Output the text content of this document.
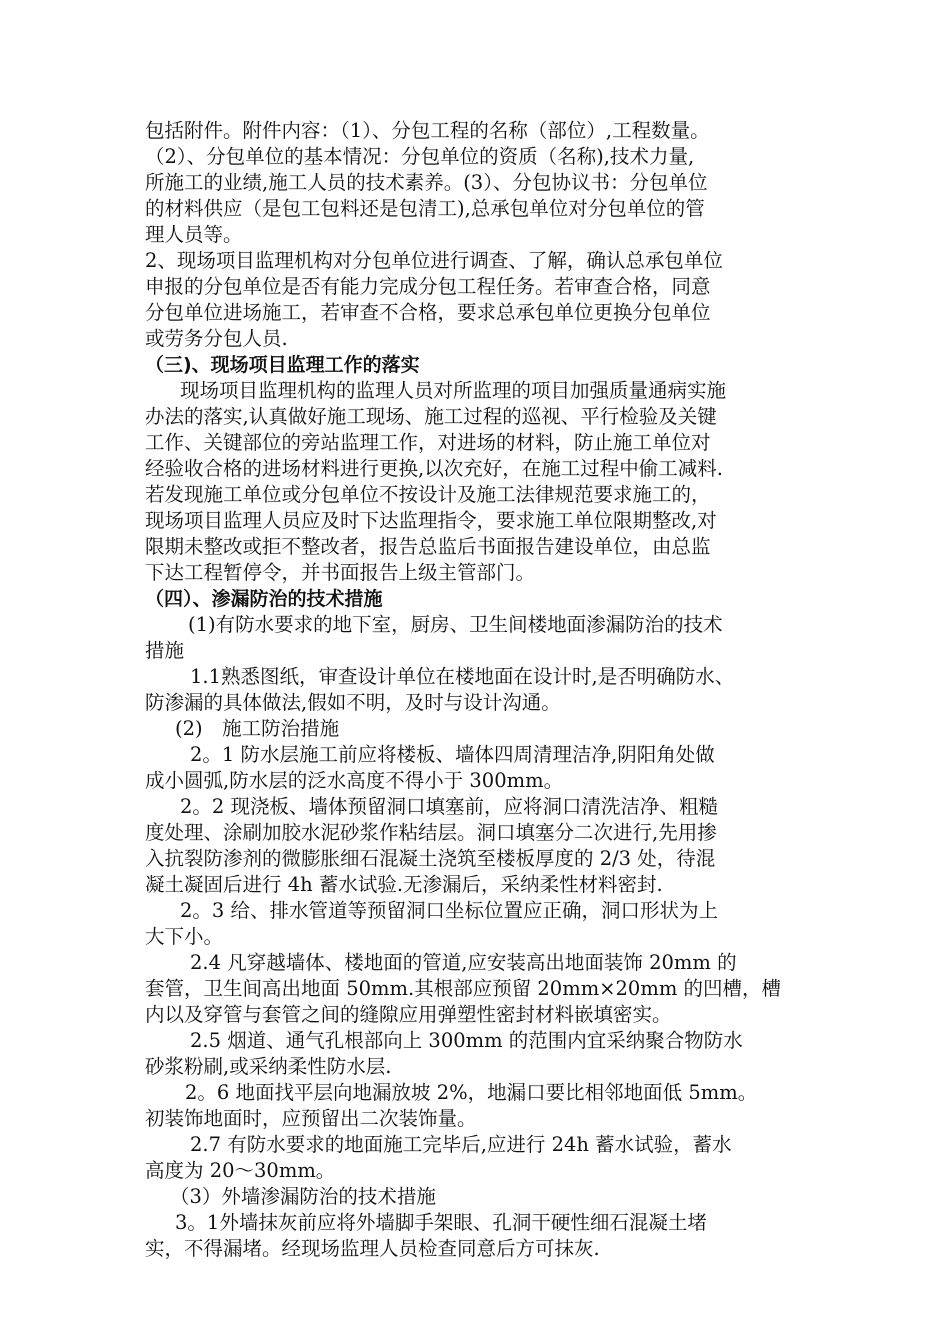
包括附件。附件内容：（1）、分包工程的名称（部位）,工程数量。
（2）、分包单位的基本情况：分包单位的资质（名称),技术力量,
所施工的业绩,施工人员的技术素养。(3）、分包协议书：分包单位
的材料供应（是包工包料还是包清工),总承包单位对分包单位的管
理人员等。
2、现场项目监理机构对分包单位进行调查、了解，确认总承包单位
申报的分包单位是否有能力完成分包工程任务。若审查合格，同意
分包单位进场施工，若审查不合格，要求总承包单位更换分包单位
或劳务分包人员.
（三)、现场项目监理工作的落实
现场项目监理机构的监理人员对所监理的项目加强质量通病实施
办法的落实,认真做好施工现场、施工过程的巡视、平行检验及关键
工作、关键部位的旁站监理工作，对进场的材料，防止施工单位对
经验收合格的进场材料进行更换,以次充好，在施工过程中偷工减料.
若发现施工单位或分包单位不按设计及施工法律规范要求施工的，
现场项目监理人员应及时下达监理指令，要求施工单位限期整改,对
限期未整改或拒不整改者，报告总监后书面报告建设单位，由总监
下达工程暂停令，并书面报告上级主管部门。
（四）、渗漏防治的技术措施
(1)有防水要求的地下室，厨房、卫生间楼地面渗漏防治的技术
措施
1.1熟悉图纸，审查设计单位在楼地面在设计时,是否明确防水、
防渗漏的具体做法,假如不明，及时与设计沟通。
(2)　施工防治措施
2。1 防水层施工前应将楼板、墙体四周清理洁净,阴阳角处做
成小圆弧,防水层的泛水高度不得小于 300mm。
2。2 现浇板、墙体预留洞口填塞前，应将洞口清洗洁净、粗糙
度处理、涂刷加胶水泥砂浆作粘结层。洞口填塞分二次进行,先用掺
入抗裂防渗剂的微膨胀细石混凝土浇筑至楼板厚度的 2/3 处，待混
凝土凝固后进行 4h 蓄水试验.无渗漏后，采纳柔性材料密封.
2。3 给、排水管道等预留洞口坐标位置应正确，洞口形状为上
大下小。
2.4 凡穿越墙体、楼地面的管道,应安装高出地面装饰 20mm 的
套管，卫生间高出地面 50mm.其根部应预留 20mm×20mm 的凹槽，槽
内以及穿管与套管之间的缝隙应用弹塑性密封材料嵌填密实。
2.5 烟道、通气孔根部向上 300mm 的范围内宜采纳聚合物防水
砂浆粉刷,或采纳柔性防水层.
2。6 地面找平层向地漏放坡 2%，地漏口要比相邻地面低 5mm。
初装饰地面时，应预留出二次装饰量。
2.7 有防水要求的地面施工完毕后,应进行 24h 蓄水试验，蓄水
高度为 20～30mm。
（3）外墙渗漏防治的技术措施
3。1外墙抹灰前应将外墙脚手架眼、孔洞干硬性细石混凝土堵
实，不得漏堵。经现场监理人员检查同意后方可抹灰.
